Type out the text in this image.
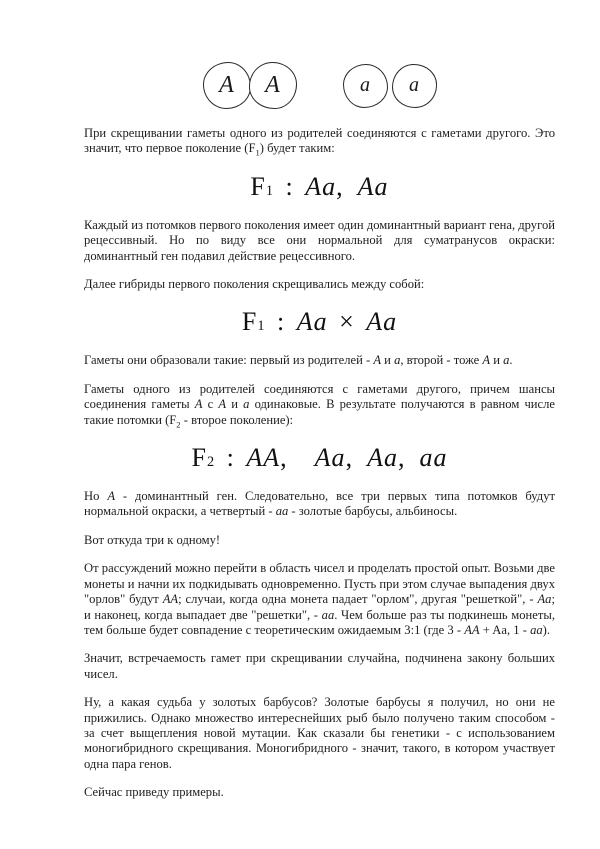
A A	a a

При скрещивании гаметы одного из родителей соединяются с гаметами другого. Это значит, что первое поколение $(F_1)$ будет таким:

$F_1$ : Aa, Aa

Каждый из потомков первого поколения имеет один доминантный вариант гена, другой рецессивный. Но по виду все они нормальной для суматранусов окраски: доминантный ген подавил действие рецессивного.

Далее гибриды первого поколения скрещивались между собой:

$F_1$ : Aa × Aa

Гаметы они образовали такие: первый из родителей - A и a, второй - тоже A и a.

Гаметы одного из родителей соединяются с гаметами другого, причем шансы соединения гаметы A с A и a одинаковые. В результате получаются в равном числе такие потомки ($F_2$ - второе поколение):

$F_2$ : AA, Aa, Aa, aa

Но A - доминантный ген. Следовательно, все три первых типа потомков будут нормальной окраски, а четвертый - aa - золотые барбусы, альбиносы.

Вот откуда три к одному!

От рассуждений можно перейти в область чисел и проделать простой опыт. Возьми две монеты и начни их подкидывать одновременно. Пусть при этом случае выпадения двух "орлов" будут AA; случаи, когда одна монета падает "орлом", другая "решеткой", - Aa; и наконец, когда выпадает две "решетки", - aa. Чем больше раз ты подкинешь монеты, тем больше будет совпадение с теоретическим ожидаемым 3:1 (где 3 - AA + Aa, 1 - aa).

Значит, встречаемость гамет при скрещивании случайна, подчинена закону больших чисел.

Ну, а какая судьба у золотых барбусов? Золотые барбусы я получил, но они не прижились. Однако множество интереснейших рыб было получено таким способом - за счет выщепления новой мутации. Как сказали бы генетики - с использованием моногибридного скрещивания. Моногибридного - значит, такого, в котором участвует одна пара генов.

Сейчас приведу примеры.
